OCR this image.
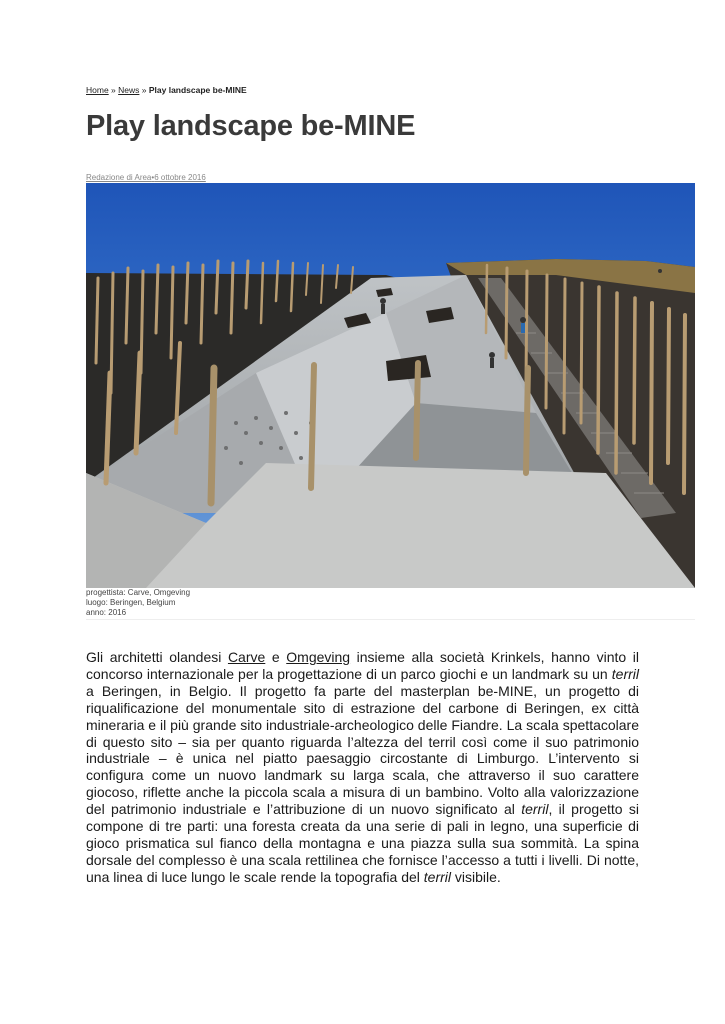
Home » News » Play landscape be-MINE
Play landscape be-MINE
Redazione di Area•6 ottobre 2016
progettista: Carve, Omgeving
luogo: Beringen, Belgium
anno: 2016

Gli architetti olandesi Carve e Omgeving insieme alla società Krinkels, hanno vinto il concorso internazionale per la progettazione di un parco giochi e un landmark su un terril a Beringen, in Belgio. Il progetto fa parte del masterplan be-MINE, un progetto di riqualificazione del monumentale sito di estrazione del carbone di Beringen, ex città mineraria e il più grande sito industriale-archeologico delle Fiandre. La scala spettacolare di questo sito – sia per quanto riguarda l’altezza del terril così come il suo patrimonio industriale – è unica nel piatto paesaggio circostante di Limburgo. L’intervento si configura come un nuovo landmark su larga scala, che attraverso il suo carattere giocoso, riflette anche la piccola scala a misura di un bambino. Volto alla valorizzazione del patrimonio industriale e l’attribuzione di un nuovo significato al terril, il progetto si compone di tre parti: una foresta creata da una serie di pali in legno, una superficie di gioco prismatica sul fianco della montagna e una piazza sulla sua sommità. La spina dorsale del complesso è una scala rettilinea che fornisce l’accesso a tutti i livelli. Di notte, una linea di luce lungo le scale rende la topografia del terril visibile.
